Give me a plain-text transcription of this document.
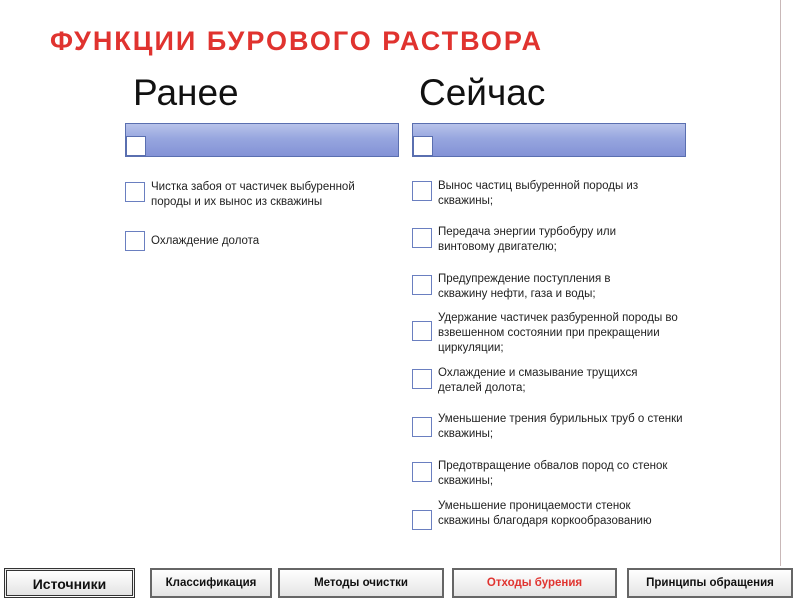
ФУНКЦИИ БУРОВОГО РАСТВОРА
Ранее	Сейчас
Чистка забоя от частичек выбуренной породы и их вынос из скважины
Охлаждение долота
Вынос частиц выбуренной породы из скважины;
Передача энергии турбобуру или винтовому двигателю;
Предупреждение поступления в скважину нефти, газа и воды;
Удержание частичек разбуренной породы во взвешенном состоянии при прекращении циркуляции;
Охлаждение и смазывание трущихся деталей долота;
Уменьшение трения бурильных труб о стенки скважины;
Предотвращение обвалов пород со стенок скважины;
Уменьшение проницаемости стенок скважины благодаря коркообразованию
Источники	Классификация	Методы очистки	Отходы бурения	Принципы обращения
